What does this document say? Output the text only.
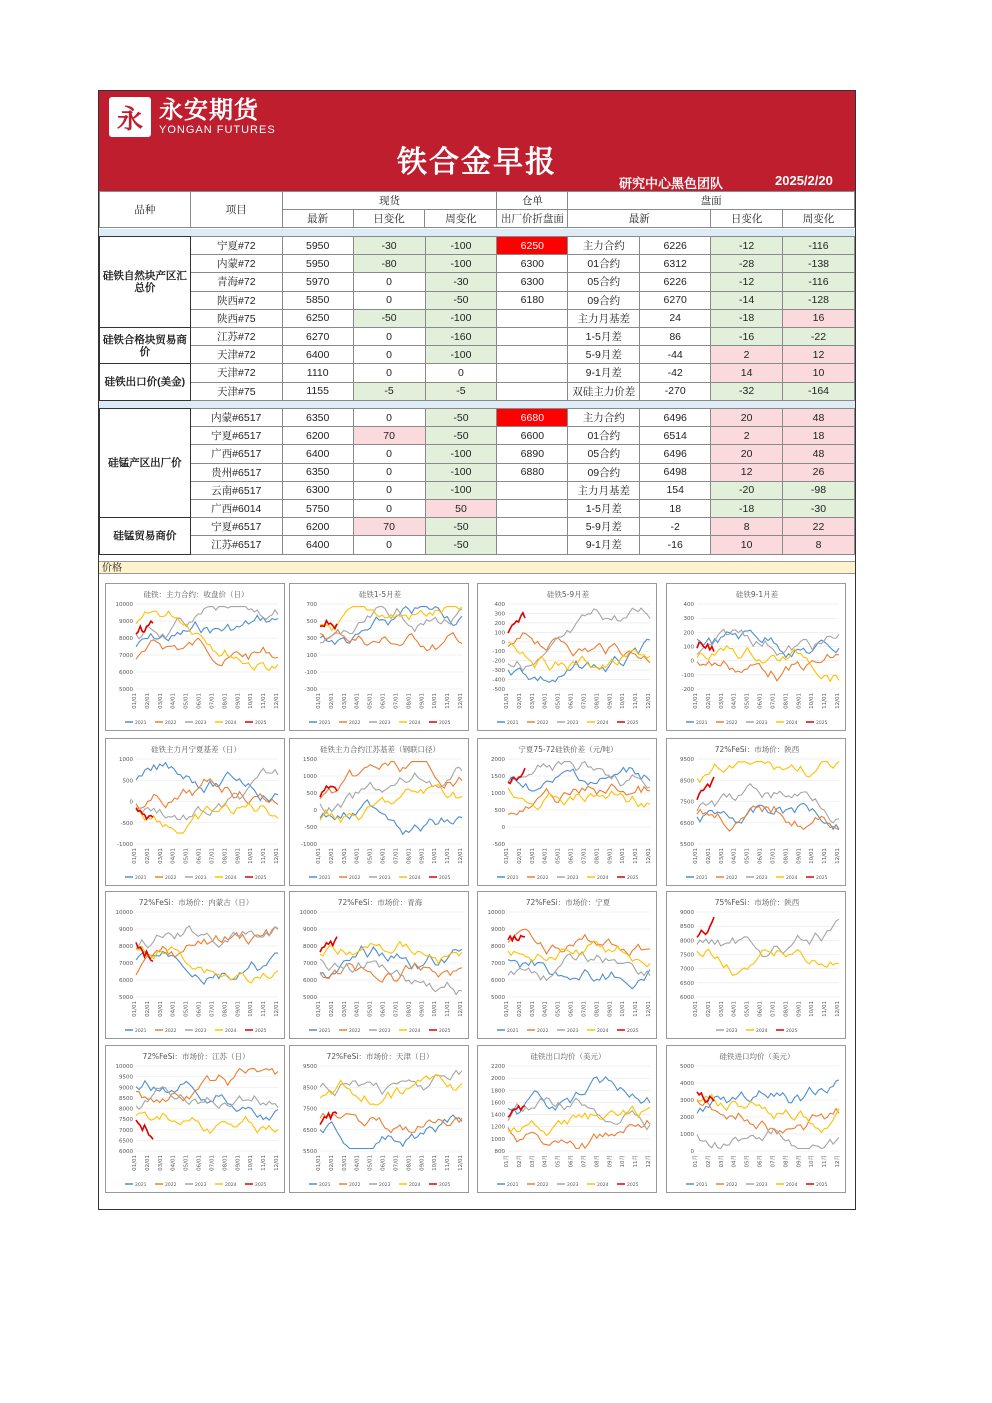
永 永安期货
YONGAN FUTURES
铁合金早报
研究中心黑色团队	2025/2/20
品种	项目	现货			仓单	盘面		
		最新	日变化	周变化	出厂价折盘面	最新	日变化	周变化
硅铁自然块产区汇总价	宁夏#72	5950	-30	-100	6250	主力合约	6226	-12	-116
	内蒙#72	5950	-80	-100	6300	01合约	6312	-28	-138
	青海#72	5970	0	-30	6300	05合约	6226	-12	-116
	陕西#72	5850	0	-50	6180	09合约	6270	-14	-128
	陕西#75	6250	-50	-100		主力月基差	24	-18	16
硅铁合格块贸易商价	江苏#72	6270	0	-160		1-5月差	86	-16	-22
	天津#72	6400	0	-100		5-9月差	-44	2	12
硅铁出口价(美金)	天津#72	1110	0	0		9-1月差	-42	14	10
	天津#75	1155	-5	-5		双硅主力价差	-270	-32	-164
硅锰产区出厂价	内蒙#6517	6350	0	-50	6680	主力合约	6496	20	48
	宁夏#6517	6200	70	-50	6600	01合约	6514	2	18
	广西#6517	6400	0	-100	6890	05合约	6496	20	48
	贵州#6517	6350	0	-100	6880	09合约	6498	12	26
	云南#6517	6300	0	-100		主力月基差	154	-20	-98
	广西#6014	5750	0	50		1-5月差	18	-18	-30
硅锰贸易商价	宁夏#6517	6200	70	-50		5-9月差	-2	8	22
	江苏#6517	6400	0	-50		9-1月差	-16	10	8
价格
硅铁：主力合约：收盘价（日）
10000
9000
8000
7000
6000
5000
01/01 02/01 03/01 04/01 05/01 06/01 07/01 08/01 09/01 10/01 11/01 12/01
2021	2022	2023	2024	2025
硅铁1-5月差
700
500
300
100
-100
-300
01/01 02/01 03/01 04/01 05/01 06/01 07/01 08/01 09/01 10/01 11/01 12/01
2021	2022	2023	2024	2025
硅铁5-9月差
400
300
200
100
0
-100
-200
-300
-400
-500
01/01 02/01 03/01 04/01 05/01 06/01 07/01 08/01 09/01 10/01 11/01 12/01
2021	2022	2023	2024	2025
硅铁9-1月差
400
300
200
100
0
-100
-200
01/01 02/01 03/01 04/01 05/01 06/01 07/01 08/01 09/01 10/01 11/01 12/01
2021	2022	2023	2024	2025
硅铁主力月宁夏基差（日）
1000
500
0
-500
-1000
01/01 02/01 03/01 04/01 05/01 06/01 07/01 08/01 09/01 10/01 11/01 12/01
2021	2022	2023	2024	2025
硅铁主力合约江苏基差（钢联口径）
1500
1000
500
0
-500
-1000
01/01 02/01 03/01 04/01 05/01 06/01 07/01 08/01 09/01 10/01 11/01 12/01
2021	2022	2023	2024	2025
宁夏75-72硅铁价差（元/吨）
2000
1500
1000
500
0
-500
01/01 02/01 03/01 04/01 05/01 06/01 07/01 08/01 09/01 10/01 11/01 12/01
2021	2022	2023	2024	2025
72%FeSi：市场价：陕西
9500
8500
7500
6500
5500
01/01 02/01 03/01 04/01 05/01 06/01 07/01 08/01 09/01 10/01 11/01 12/01
2021	2022	2023	2024	2025
72%FeSi：市场价：内蒙古（日）
10000
9000
8000
7000
6000
5000
01/01 02/01 03/01 04/01 05/01 06/01 07/01 08/01 09/01 10/01 11/01 12/01
2021	2022	2023	2024	2025
72%FeSi：市场价：青海
10000
9000
8000
7000
6000
5000
01/01 02/01 03/01 04/01 05/01 06/01 07/01 08/01 09/01 10/01 11/01 12/01
2021	2022	2023	2024	2025
72%FeSi：市场价：宁夏
10000
9000
8000
7000
6000
5000
01/01 02/01 03/01 04/01 05/01 06/01 07/01 08/01 09/01 10/01 11/01 12/01
2021	2022	2023	2024	2025
75%FeSi：市场价：陕西
9000
8500
8000
7500
7000
6500
6000
01/01 02/01 03/01 04/01 05/01 06/01 07/01 08/01 09/01 10/01 11/01 12/01
2023	2024	2025
72%FeSi：市场价：江苏（日）
10000
9500
9000
8500
8000
7500
7000
6500
6000
01/01 02/01 03/01 04/01 05/01 06/01 07/01 08/01 09/01 10/01 11/01 12/01
2021	2022	2023	2024	2025
72%FeSi：市场价：天津（日）
9500
8500
7500
6500
5500
01/01 02/01 03/01 04/01 05/01 06/01 07/01 08/01 09/01 10/01 11/01 12/01
2021	2022	2023	2024	2025
硅铁出口均价（美元）
2200
2000
1800
1600
1400
1200
1000
800
01月	02月	03月	04月	05月	06月	07月	08月	09月	10月	11月	12月
2021	2022	2023	2024	2025
硅铁进口均价（美元）
5000
4000
3000
2000
1000
0
01月	02月	03月	04月	05月	06月	07月	08月	09月	10月	11月	12月
2021	2022	2023	2024	2025
